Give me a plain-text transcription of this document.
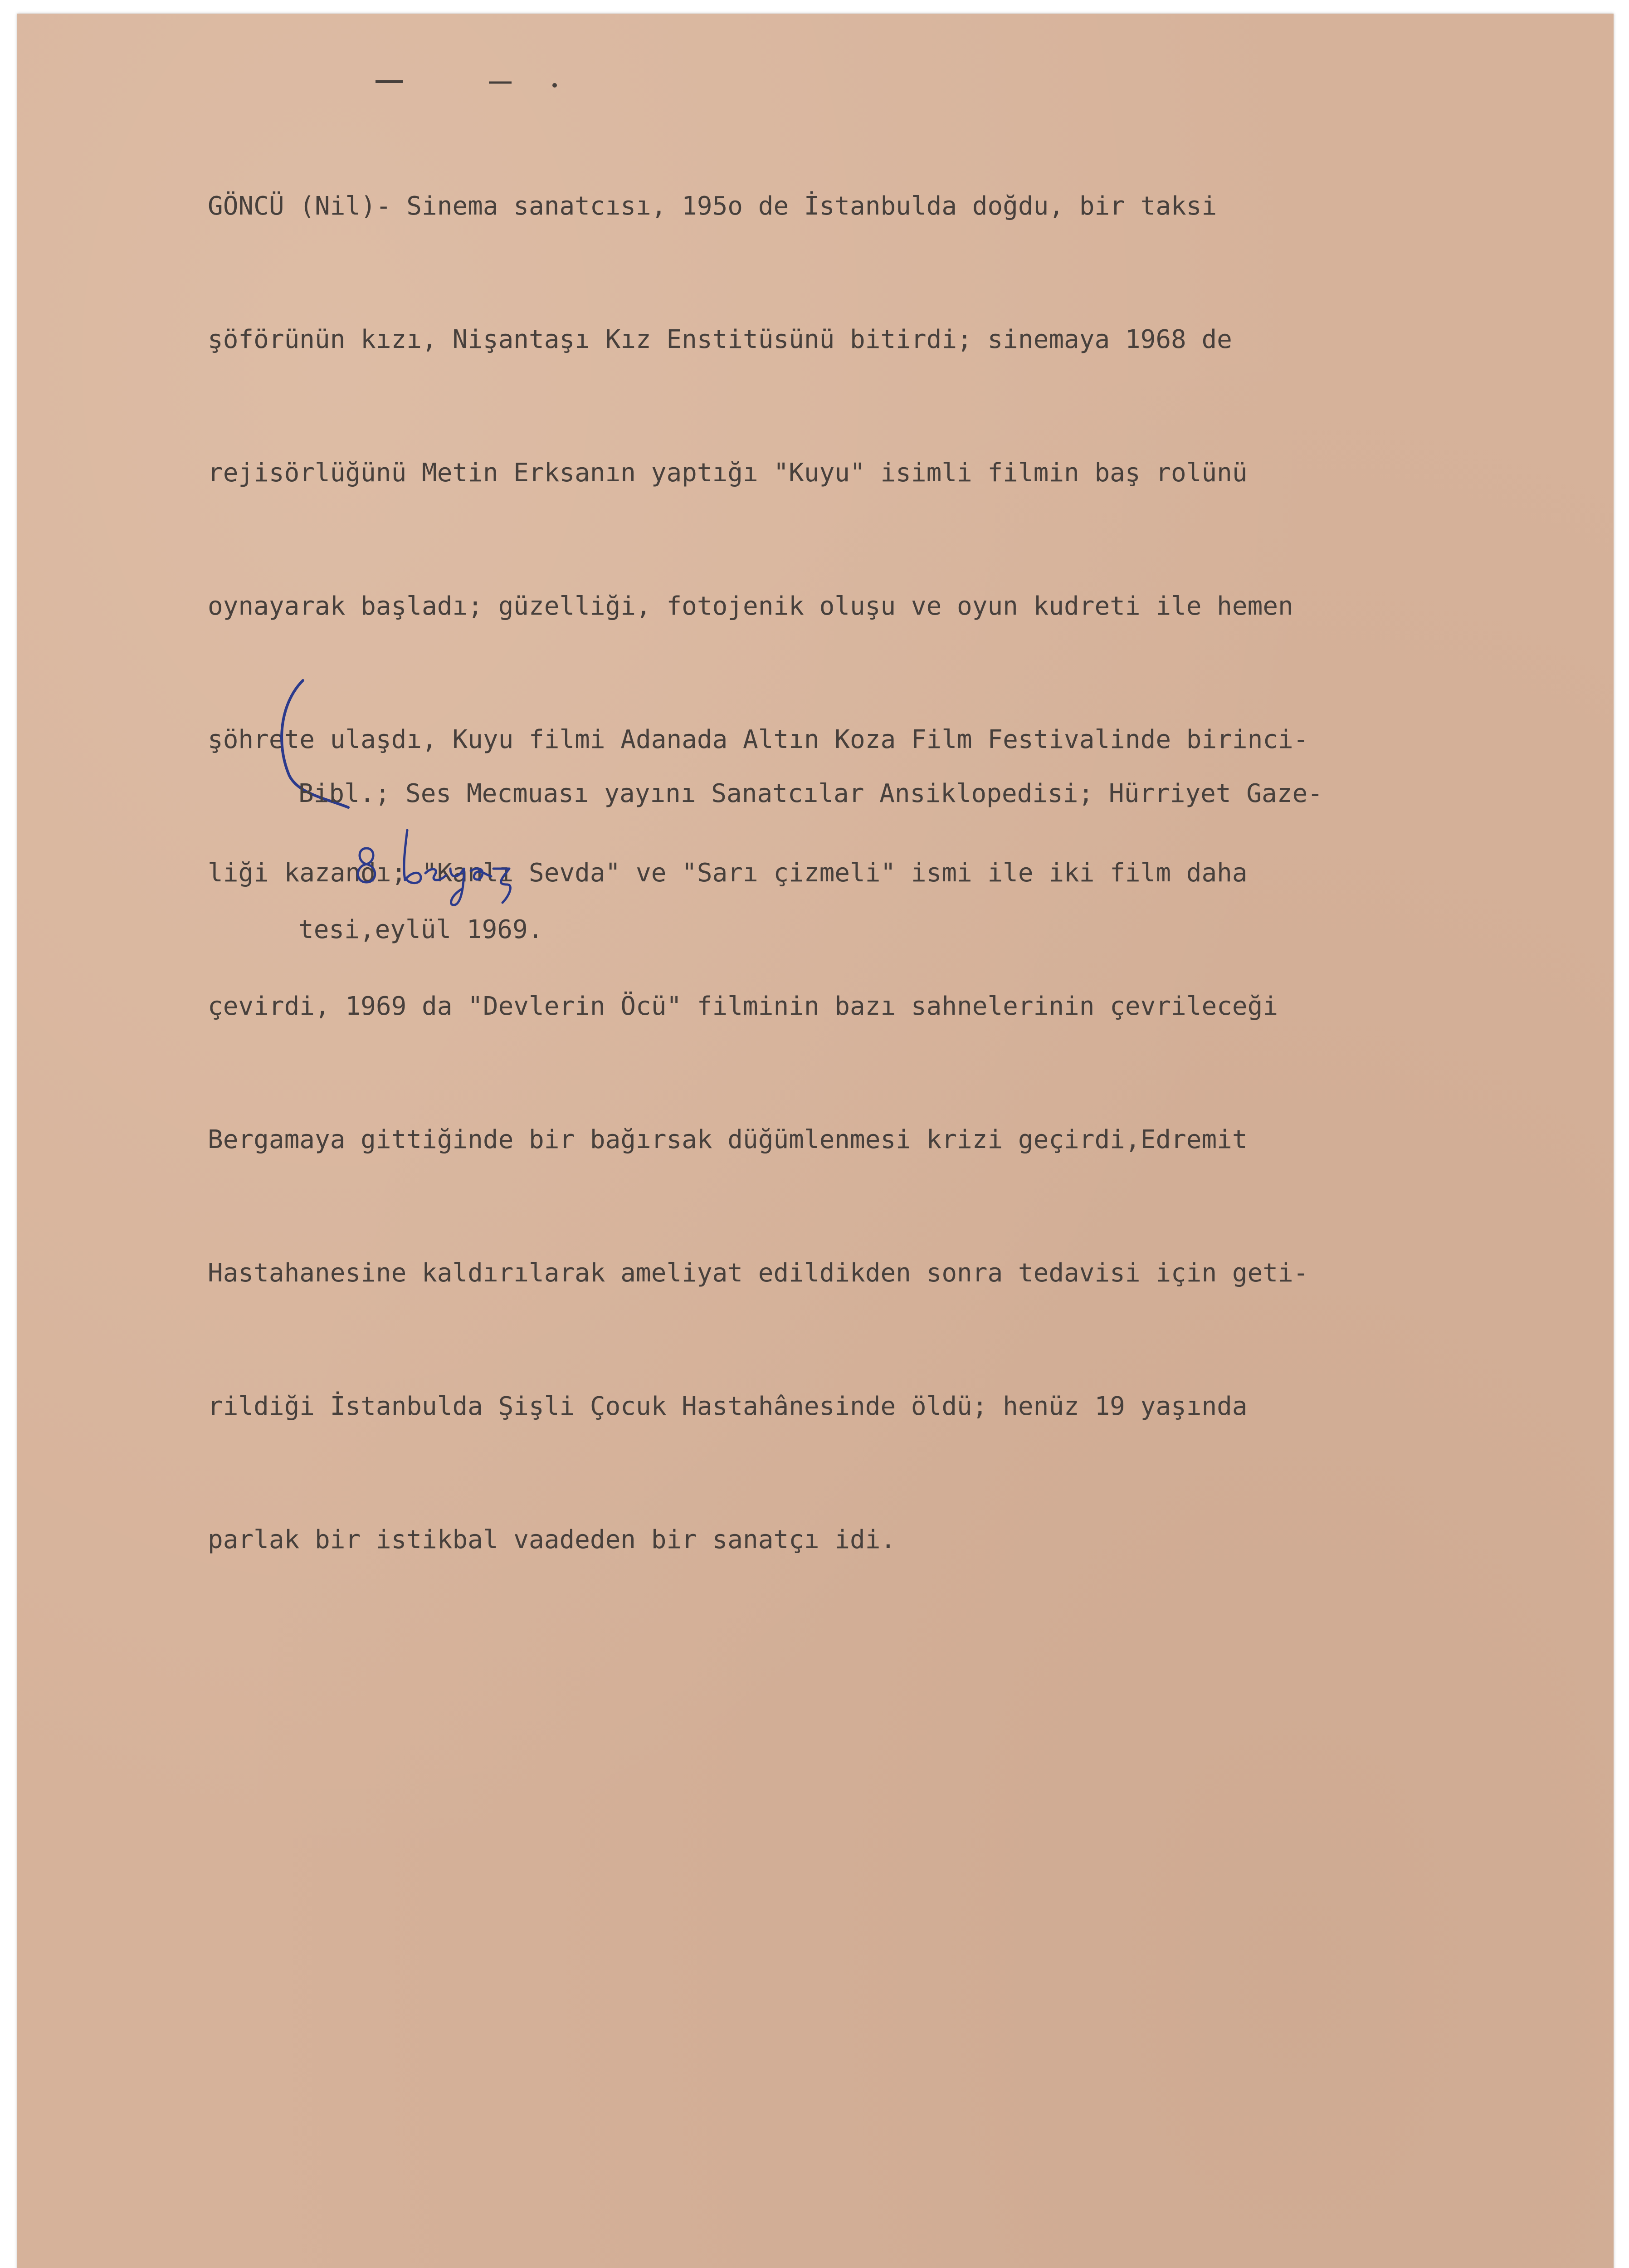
GÖNCÜ (Nil)- Sinema sanatcısı, 195o de İstanbulda doğdu, bir taksi

şöförünün kızı, Nişantaşı Kız Enstitüsünü bitirdi; sinemaya 1968 de

rejisörlüğünü Metin Erksanın yaptığı "Kuyu" isimli filmin baş rolünü

oynayarak başladı; güzelliği, fotojenik oluşu ve oyun kudreti ile hemen

şöhrete ulaşdı, Kuyu filmi Adanada Altın Koza Film Festivalinde birinci-

liği kazandı; "Kanlı Sevda" ve "Sarı çizmeli" ismi ile iki film daha

çevirdi, 1969 da "Devlerin Öcü" filminin bazı sahnelerinin çevrileceği

Bergamaya gittiğinde bir bağırsak düğümlenmesi krizi geçirdi,Edremit

Hastahanesine kaldırılarak ameliyat edildikden sonra tedavisi için geti-

rildiği İstanbulda Şişli Çocuk Hastahânesinde öldü; henüz 19 yaşında

parlak bir istikbal vaadeden bir sanatçı idi.

Bibl.; Ses Mecmuası yayını Sanatcılar Ansiklopedisi; Hürriyet Gaze-

tesi,eylül 1969.
